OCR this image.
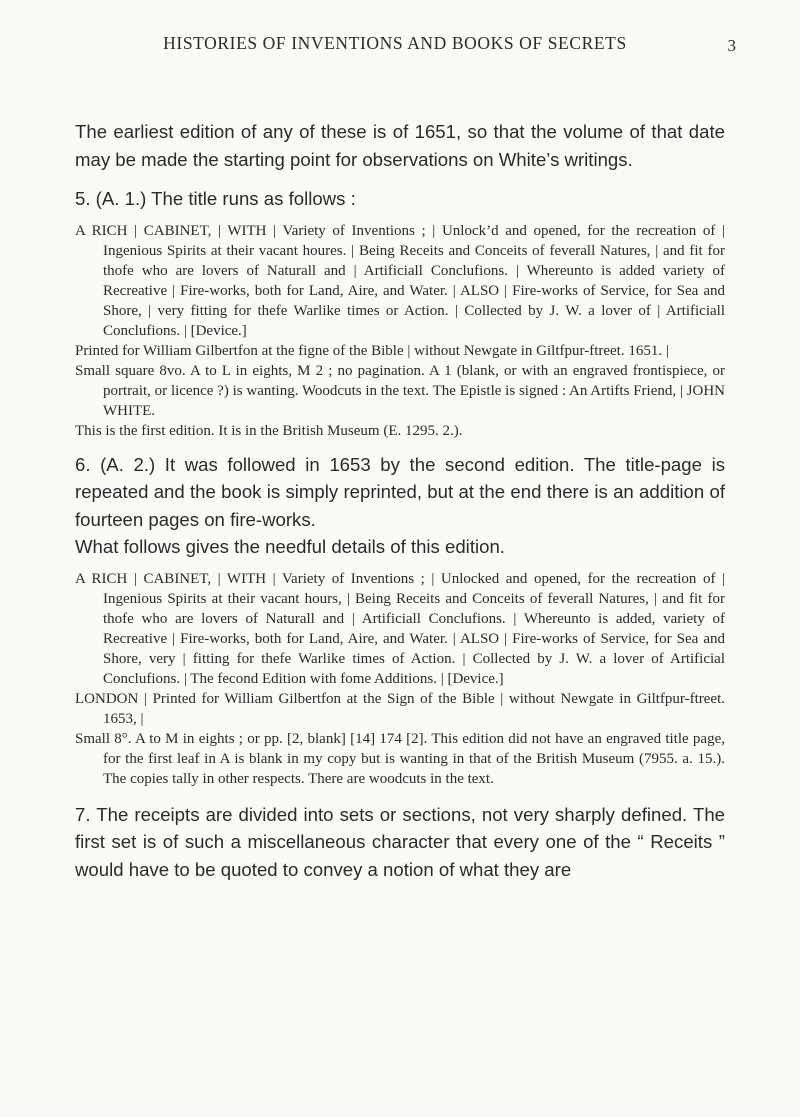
HISTORIES OF INVENTIONS AND BOOKS OF SECRETS	3

The earliest edition of any of these is of 1651, so that the volume of that date may be made the starting point for observations on White’s writings.

5. (A. 1.) The title runs as follows :

A RICH | CABINET, | WITH | Variety of Inventions ; | Unlock’d and opened, for the recreation of | Ingenious Spirits at their vacant houres. | Being Receits and Conceits of feverall Natures, | and fit for thofe who are lovers of Naturall and | Artificiall Conclufions. | Whereunto is added variety of Recreative | Fire-works, both for Land, Aire, and Water. | ALSO | Fire-works of Service, for Sea and Shore, | very fitting for thefe Warlike times or Action. | Collected by J. W. a lover of | Artificiall Conclufions. | [Device.]

Printed for William Gilbertfon at the figne of the Bible | without Newgate in Giltfpur-ftreet. 1651. |

Small square 8vo. A to L in eights, M 2 ; no pagination. A 1 (blank, or with an engraved frontispiece, or portrait, or licence ?) is wanting. Woodcuts in the text. The Epistle is signed : An Artifts Friend, | JOHN WHITE.

This is the first edition. It is in the British Museum (E. 1295. 2.).

6. (A. 2.) It was followed in 1653 by the second edition. The title-page is repeated and the book is simply reprinted, but at the end there is an addition of fourteen pages on fire-works.

What follows gives the needful details of this edition.

A RICH | CABINET, | WITH | Variety of Inventions ; | Unlocked and opened, for the recreation of | Ingenious Spirits at their vacant hours, | Being Receits and Conceits of feverall Natures, | and fit for thofe who are lovers of Naturall and | Artificiall Conclufions. | Whereunto is added, variety of Recreative | Fire-works, both for Land, Aire, and Water. | ALSO | Fire-works of Service, for Sea and Shore, very | fitting for thefe Warlike times of Action. | Collected by J. W. a lover of Artificial Conclufions. | The fecond Edition with fome Additions. | [Device.]

LONDON | Printed for William Gilbertfon at the Sign of the Bible | without Newgate in Giltfpur-ftreet. 1653, |

Small 8°. A to M in eights ; or pp. [2, blank] [14] 174 [2]. This edition did not have an engraved title page, for the first leaf in A is blank in my copy but is wanting in that of the British Museum (7955. a. 15.). The copies tally in other respects. There are woodcuts in the text.

7. The receipts are divided into sets or sections, not very sharply defined. The first set is of such a miscellaneous character that every one of the “ Receits ” would have to be quoted to convey a notion of what they are
